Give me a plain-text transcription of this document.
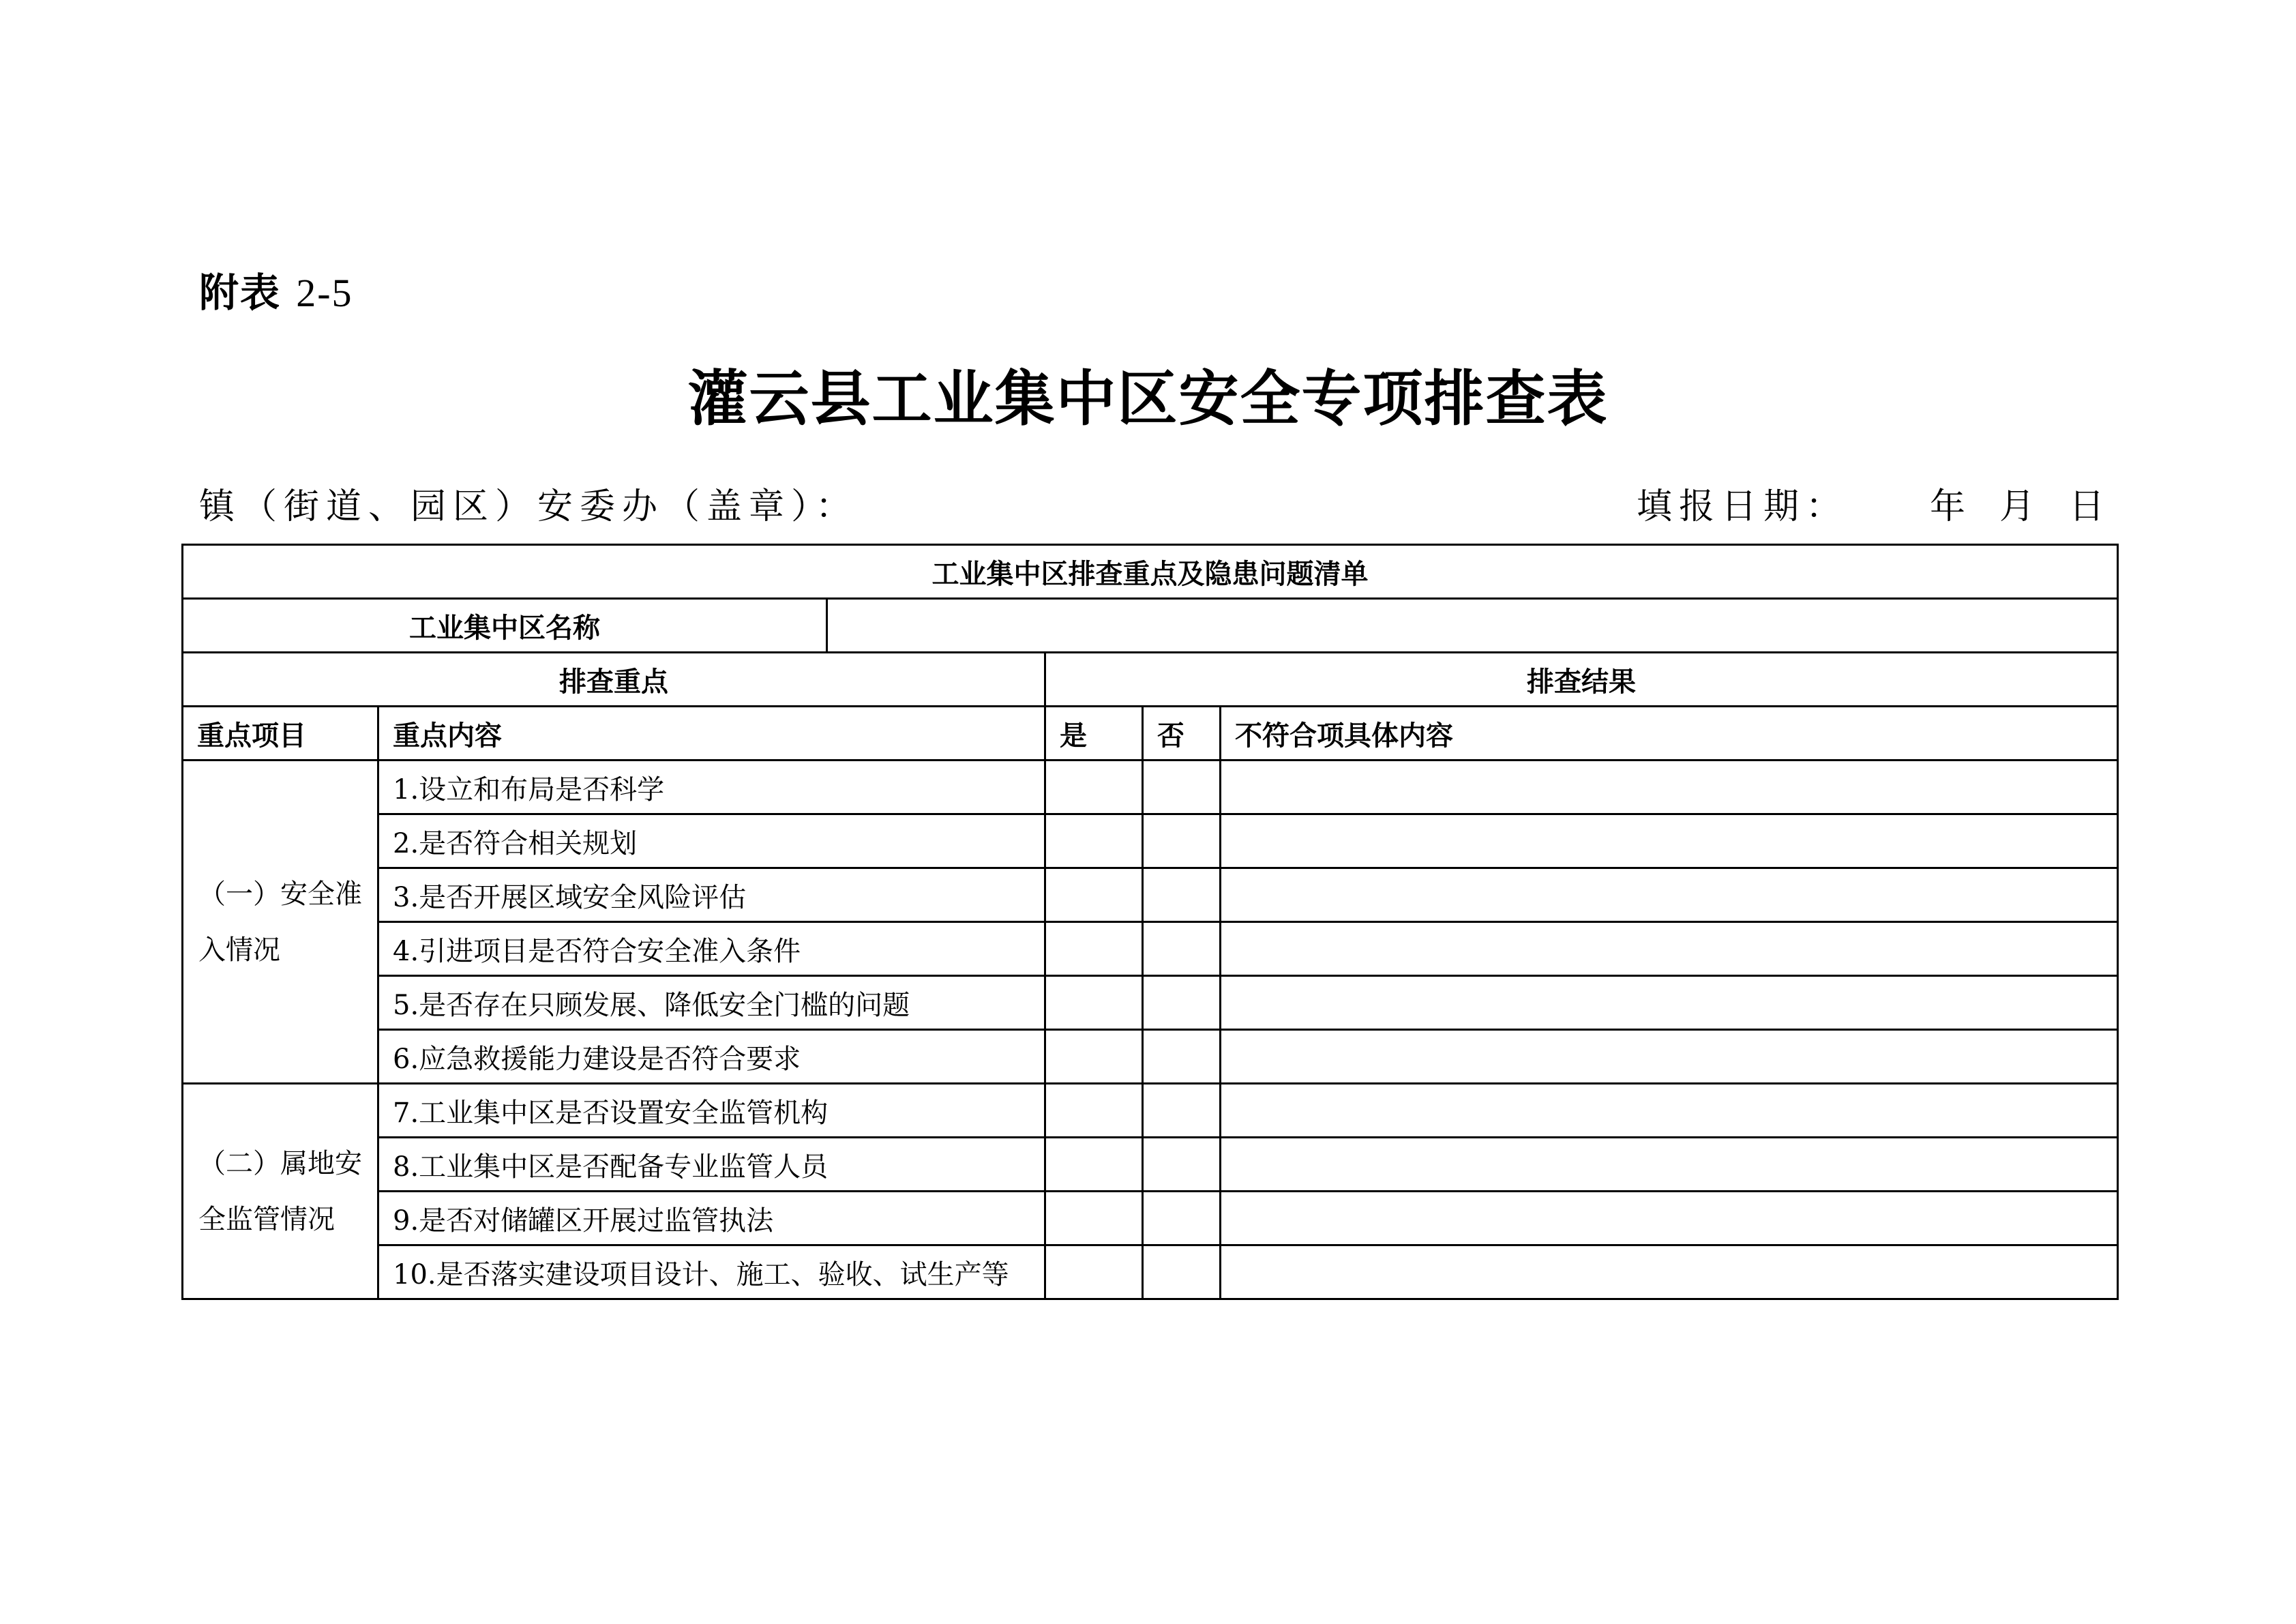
附表 2-5
灌云县工业集中区安全专项排查表
镇（街道、园区）安委办（盖章）：	填报日期： 年 月 日
工业集中区排查重点及隐患问题清单					
工业集中区名称					
排查重点			排查结果		
重点项目	重点内容		是	否	不符合项具体内容
（一）安全准入情况	1.设立和布局是否科学				
	2.是否符合相关规划				
	3.是否开展区域安全风险评估				
	4.引进项目是否符合安全准入条件				
	5.是否存在只顾发展、降低安全门槛的问题				
	6.应急救援能力建设是否符合要求				
（二）属地安全监管情况	7.工业集中区是否设置安全监管机构				
	8.工业集中区是否配备专业监管人员				
	9.是否对储罐区开展过监管执法				
	10.是否落实建设项目设计、施工、验收、试生产等				
